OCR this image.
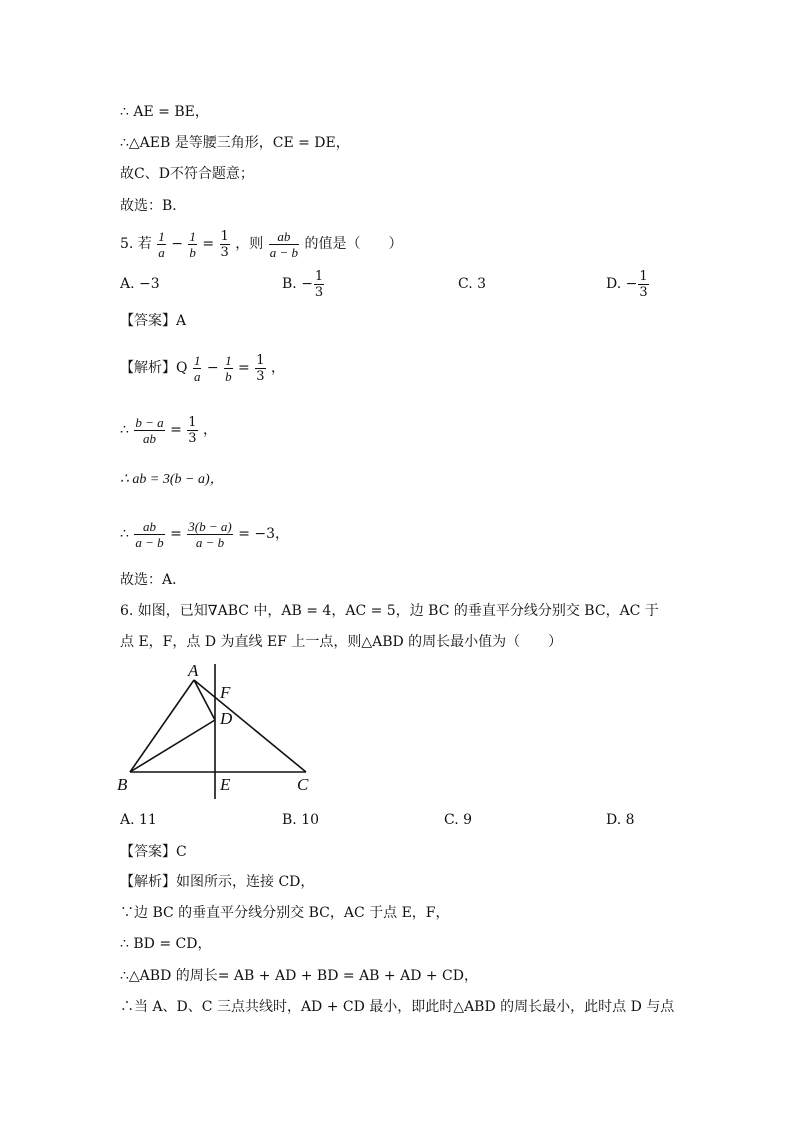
∴ AE = BE，
∴△AEB 是等腰三角形，CE = DE，
故C、D不符合题意；
故选：B．
5. 若 $\frac{1}{a} - \frac{1}{b} = \frac{1}{3}$ ，则 $\frac{ab}{a - b}$ 的值是（　　）
A. −3	B. − $\frac{1}{3}$	C. 3	D. − $\frac{1}{3}$
【答案】A
【解析】Q $\frac{1}{a} - \frac{1}{b} = \frac{1}{3}$ ，
∴ $\frac{b - a}{ab} = \frac{1}{3}$ ，
∴ ab = 3(b − a)，
∴ $\frac{ab}{a - b} = \frac{3(b - a)}{a - b} = -3$，
故选：A．
6. 如图，已知∇ABC 中，AB = 4，AC = 5，边 BC 的垂直平分线分别交 BC，AC 于
点 E，F，点 D 为直线 EF 上一点，则△ABD 的周长最小值为（　　）
A
B	C
D
E
F
A. 11	B. 10	C. 9	D. 8
【答案】C
【解析】如图所示，连接 CD，
∵边 BC 的垂直平分线分别交 BC，AC 于点 E，F，
∴ BD = CD，
∴△ABD 的周长= AB + AD + BD = AB + AD + CD，
∴当 A、D、C 三点共线时，AD + CD 最小，即此时△ABD 的周长最小，此时点 D 与点
